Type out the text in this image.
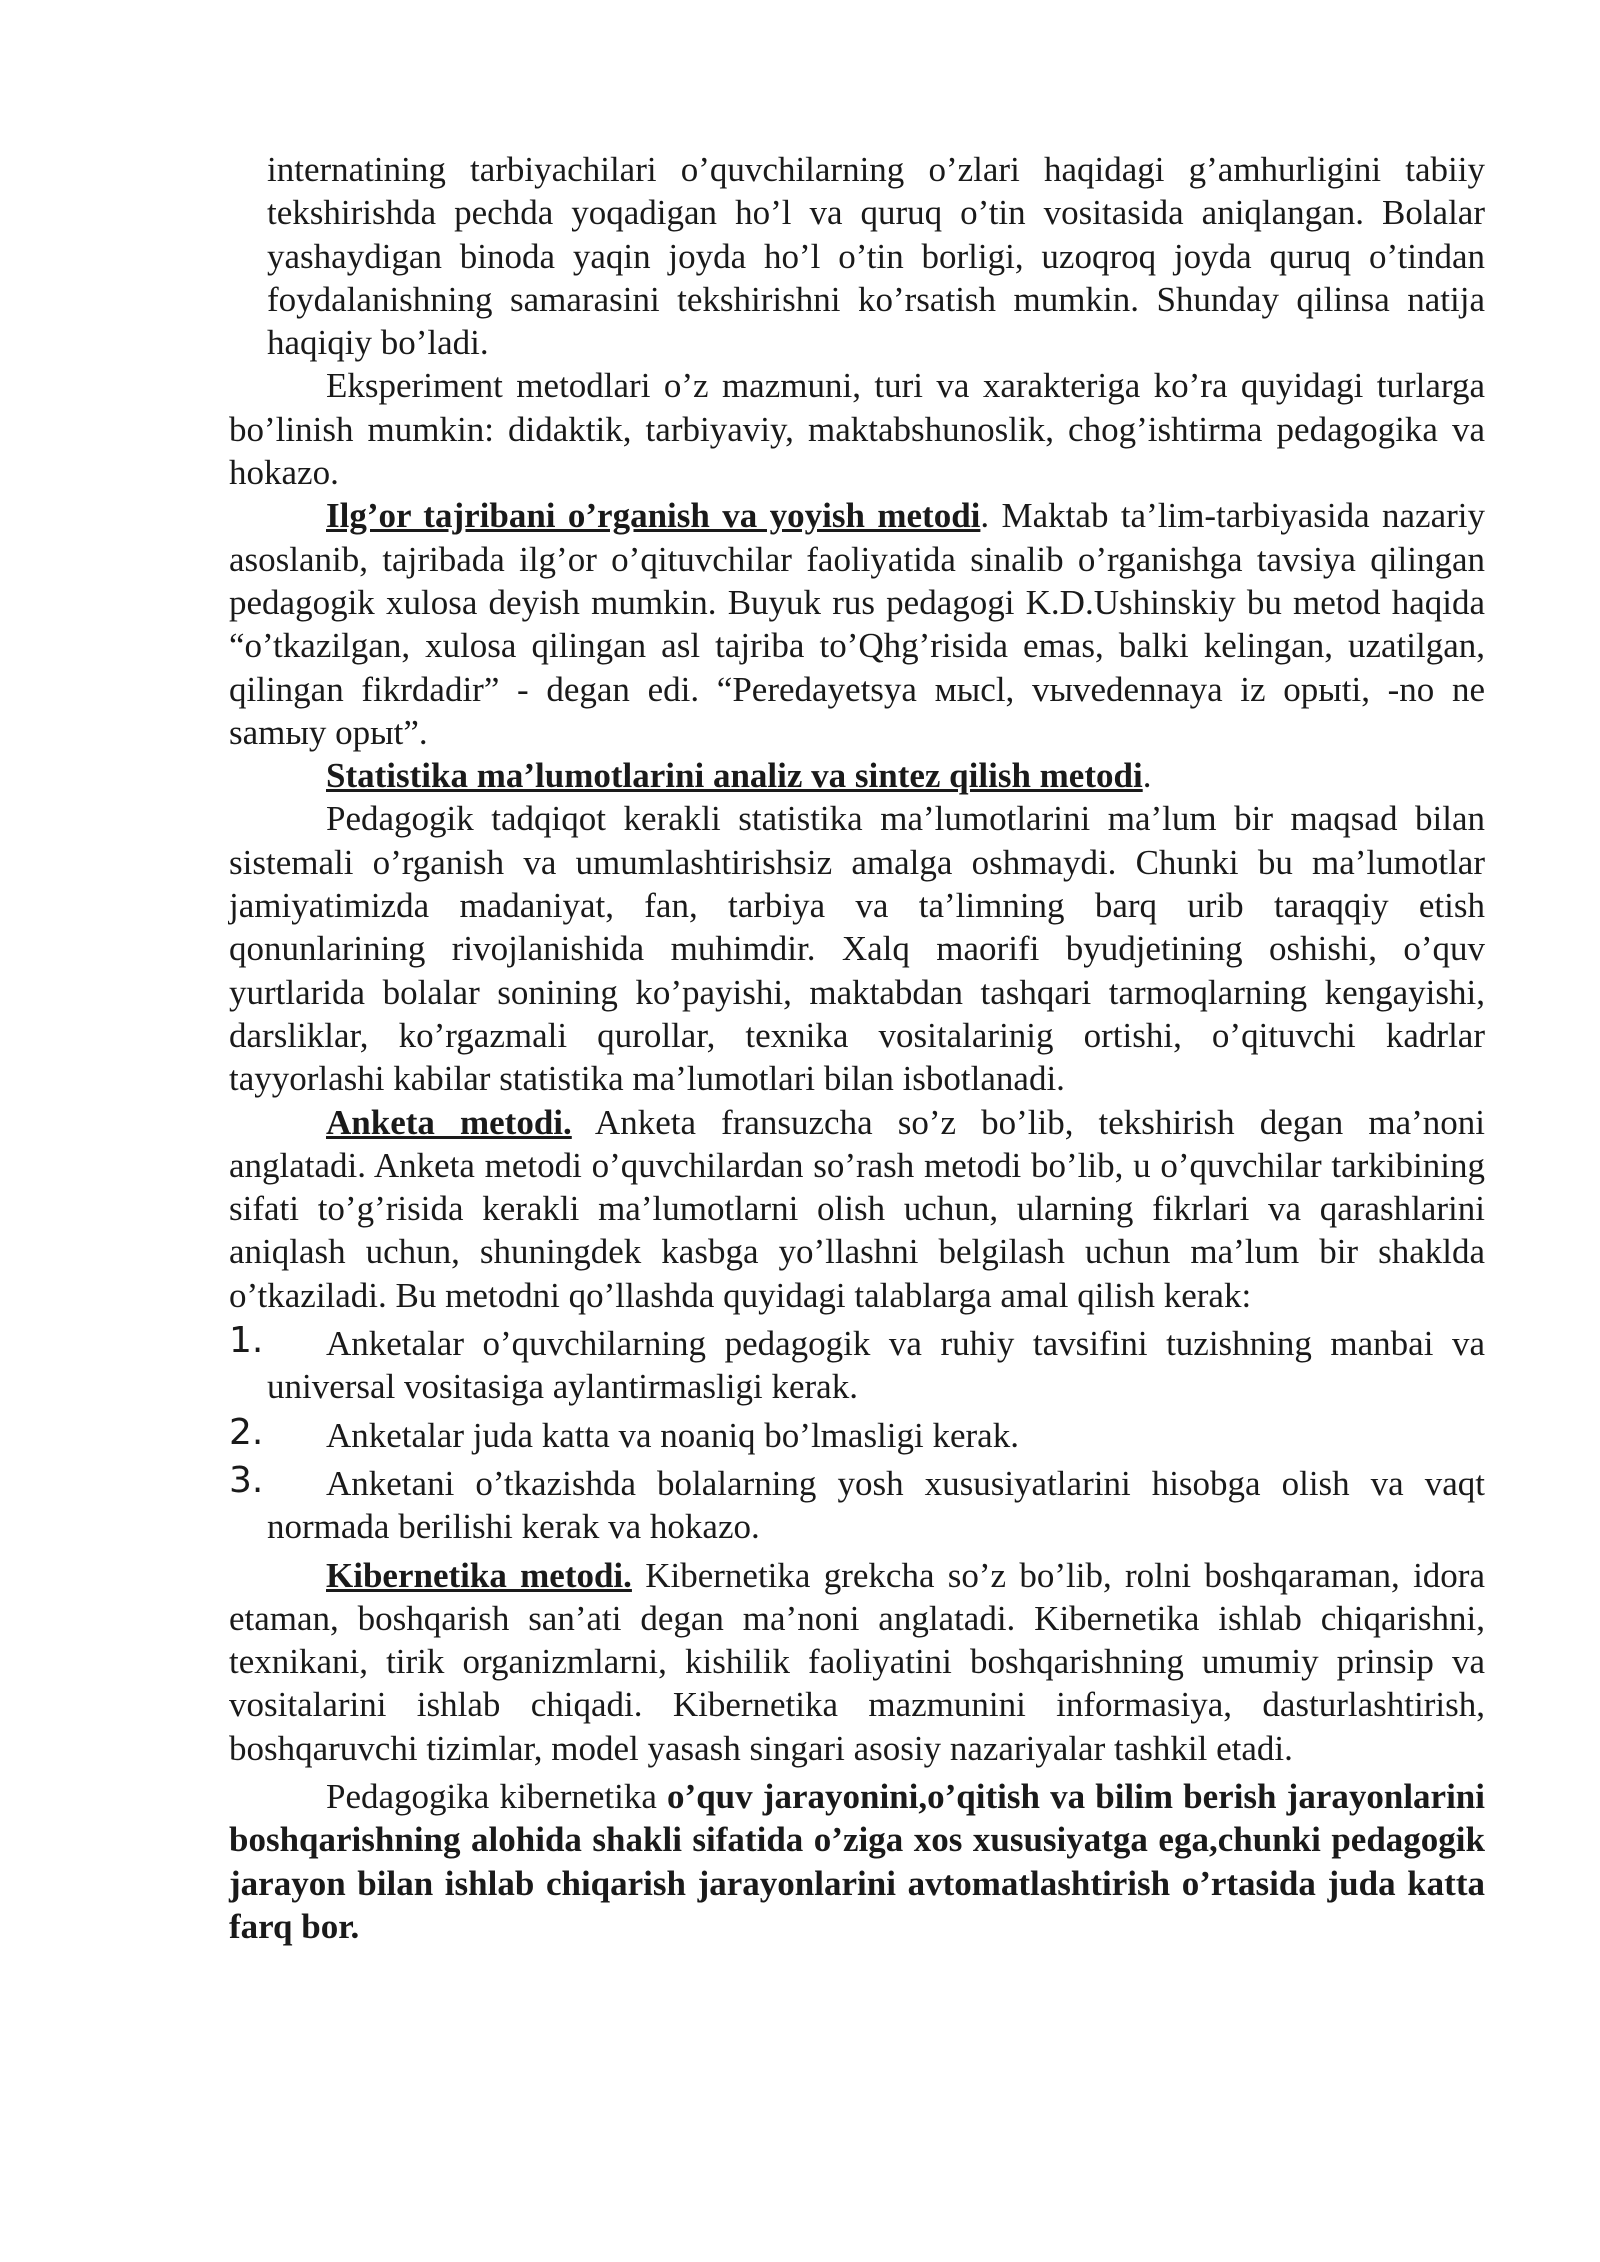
internatining tarbiyachilari o’quvchilarning o’zlari haqidagi g’amhurligini tabiiy tekshirishda pechda yoqadigan ho’l va quruq o’tin vositasida aniqlangan. Bolalar yashaydigan binoda yaqin joyda ho’l o’tin borligi, uzoqroq joyda quruq o’tindan foydalanishning samarasini tekshirishni ko’rsatish mumkin. Shunday qilinsa natija haqiqiy bo’ladi.

Eksperiment metodlari o’z mazmuni, turi va xarakteriga ko’ra quyidagi turlarga bo’linish mumkin: didaktik, tarbiyaviy, maktabshunoslik, chog’ishtirma pedagogika va hokazo.

Ilg’or tajribani o’rganish va yoyish metodi. Maktab ta’lim-tarbiyasida nazariy asoslanib, tajribada ilg’or o’qituvchilar faoliyatida sinalib o’rganishga tavsiya qilingan pedagogik xulosa deyish mumkin. Buyuk rus pedagogi K.D.Ushinskiy bu metod haqida “o’tkazilgan, xulosa qilingan asl tajriba to’Qhg’risida emas, balki kelingan, uzatilgan, qilingan fikrdadir” - degan edi. “Peredayetsya мысl, vыvedennaya iz opыti, -no ne samыy opыt”.

Statistika ma’lumotlarini analiz va sintez qilish metodi.

Pedagogik tadqiqot kerakli statistika ma’lumotlarini ma’lum bir maqsad bilan sistemali o’rganish va umumlashtirishsiz amalga oshmaydi. Chunki bu ma’lumotlar jamiyatimizda madaniyat, fan, tarbiya va ta’limning barq urib taraqqiy etish qonunlarining rivojlanishida muhimdir. Xalq maorifi byudjetining oshishi, o’quv yurtlarida bolalar sonining ko’payishi, maktabdan tashqari tarmoqlarning kengayishi, darsliklar, ko’rgazmali qurollar, texnika vositalarinig ortishi, o’qituvchi kadrlar tayyorlashi kabilar statistika ma’lumotlari bilan isbotlanadi.

Anketa metodi. Anketa fransuzcha so’z bo’lib, tekshirish degan ma’noni anglatadi. Anketa metodi o’quvchilardan so’rash metodi bo’lib, u o’quvchilar tarkibining sifati to’g’risida kerakli ma’lumotlarni olish uchun, ularning fikrlari va qarashlarini aniqlash uchun, shuningdek kasbga yo’llashni belgilash uchun ma’lum bir shaklda o’tkaziladi. Bu metodni qo’llashda quyidagi talablarga amal qilish kerak:

1. Anketalar o’quvchilarning pedagogik va ruhiy tavsifini tuzishning manbai va universal vositasiga aylantirmasligi kerak.
2. Anketalar juda katta va noaniq bo’lmasligi kerak.
3. Anketani o’tkazishda bolalarning yosh xususiyatlarini hisobga olish va vaqt normada berilishi kerak va hokazo.

Kibernetika metodi. Kibernetika grekcha so’z bo’lib, rolni boshqaraman, idora etaman, boshqarish san’ati degan ma’noni anglatadi. Kibernetika ishlab chiqarishni, texnikani, tirik organizmlarni, kishilik faoliyatini boshqarishning umumiy prinsip va vositalarini ishlab chiqadi. Kibernetika mazmunini informasiya, dasturlashtirish, boshqaruvchi tizimlar, model yasash singari asosiy nazariyalar tashkil etadi.

Pedagogika kibernetika o’quv jarayonini,o’qitish va bilim berish jarayonlarini boshqarishning alohida shakli sifatida o’ziga xos xususiyatga ega,chunki pedagogik jarayon bilan ishlab chiqarish jarayonlarini avtomatlashtirish o’rtasida juda katta farq bor.
